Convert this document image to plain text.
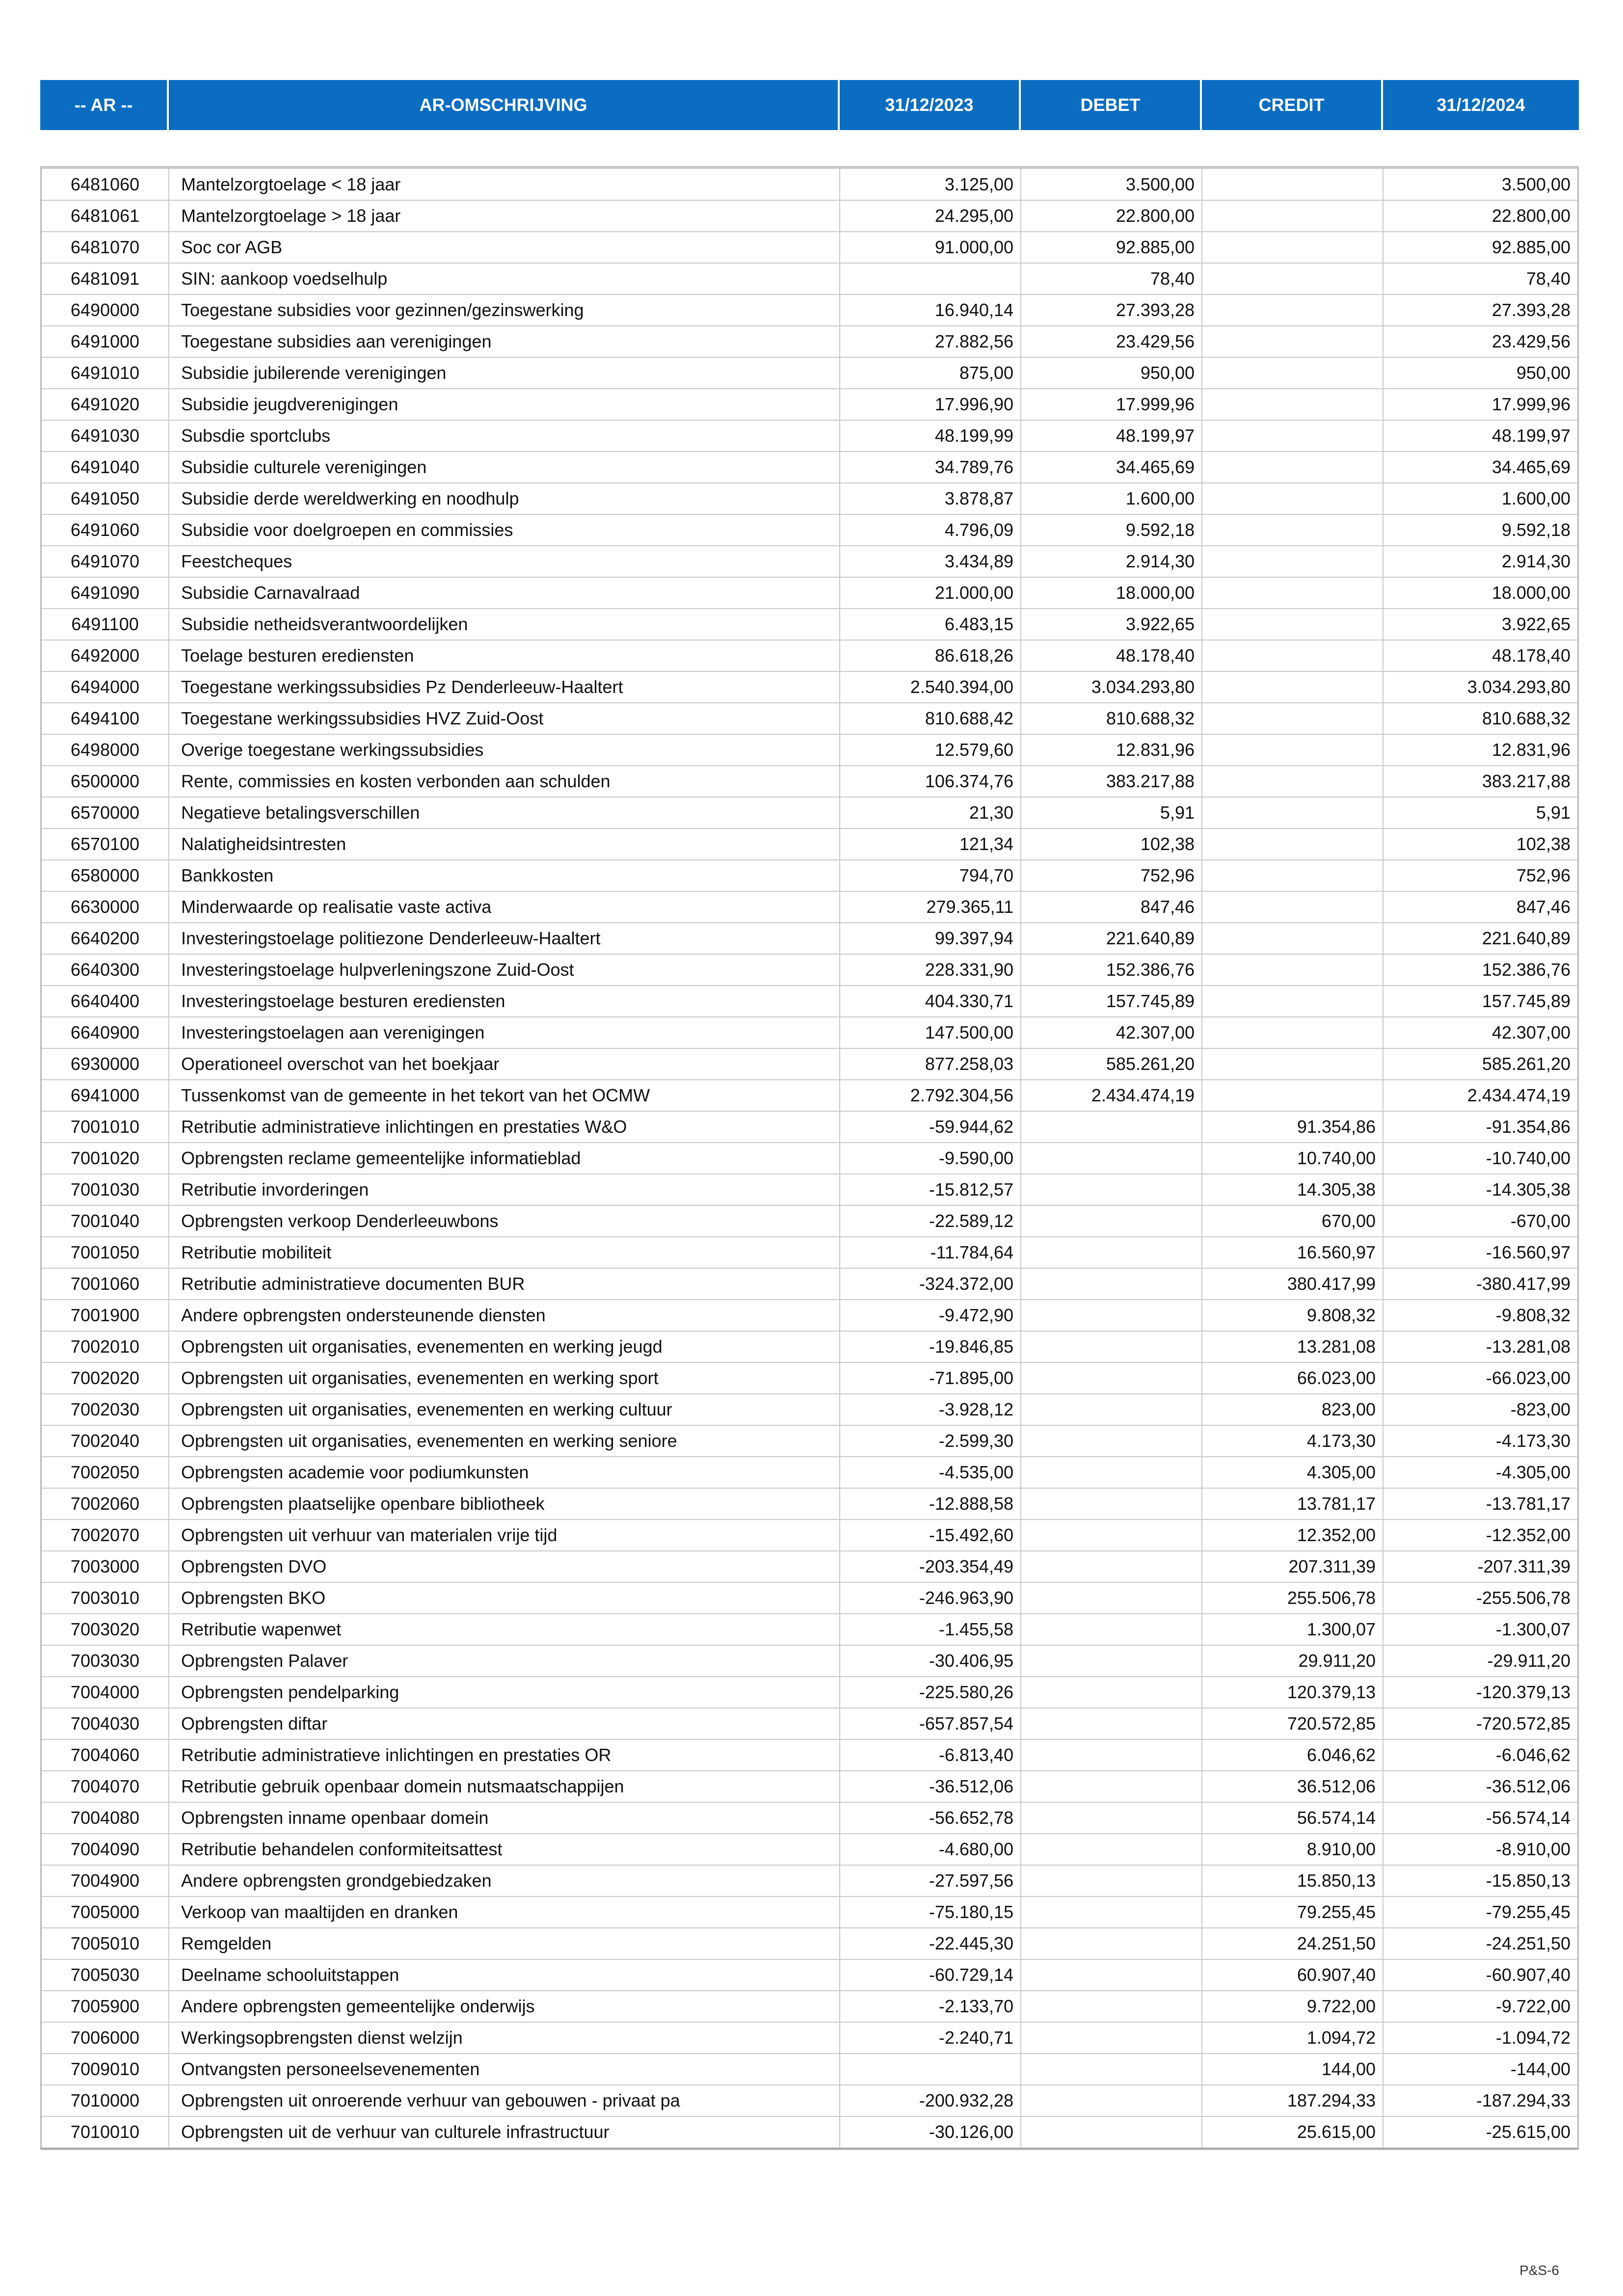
-- AR --	AR-OMSCHRIJVING	31/12/2023	DEBET	CREDIT	31/12/2024
6481060	Mantelzorgtoelage < 18 jaar	3.125,00	3.500,00		3.500,00
6481061	Mantelzorgtoelage > 18 jaar	24.295,00	22.800,00		22.800,00
6481070	Soc cor AGB	91.000,00	92.885,00		92.885,00
6481091	SIN: aankoop voedselhulp		78,40		78,40
6490000	Toegestane subsidies voor gezinnen/gezinswerking	16.940,14	27.393,28		27.393,28
6491000	Toegestane subsidies aan verenigingen	27.882,56	23.429,56		23.429,56
6491010	Subsidie jubilerende verenigingen	875,00	950,00		950,00
6491020	Subsidie jeugdverenigingen	17.996,90	17.999,96		17.999,96
6491030	Subsdie sportclubs	48.199,99	48.199,97		48.199,97
6491040	Subsidie culturele verenigingen	34.789,76	34.465,69		34.465,69
6491050	Subsidie derde wereldwerking en noodhulp	3.878,87	1.600,00		1.600,00
6491060	Subsidie voor doelgroepen en commissies	4.796,09	9.592,18		9.592,18
6491070	Feestcheques	3.434,89	2.914,30		2.914,30
6491090	Subsidie Carnavalraad	21.000,00	18.000,00		18.000,00
6491100	Subsidie netheidsverantwoordelijken	6.483,15	3.922,65		3.922,65
6492000	Toelage besturen erediensten	86.618,26	48.178,40		48.178,40
6494000	Toegestane werkingssubsidies Pz Denderleeuw-Haaltert	2.540.394,00	3.034.293,80		3.034.293,80
6494100	Toegestane werkingssubsidies HVZ Zuid-Oost	810.688,42	810.688,32		810.688,32
6498000	Overige toegestane werkingssubsidies	12.579,60	12.831,96		12.831,96
6500000	Rente, commissies en kosten verbonden aan schulden	106.374,76	383.217,88		383.217,88
6570000	Negatieve betalingsverschillen	21,30	5,91		5,91
6570100	Nalatigheidsintresten	121,34	102,38		102,38
6580000	Bankkosten	794,70	752,96		752,96
6630000	Minderwaarde op realisatie vaste activa	279.365,11	847,46		847,46
6640200	Investeringstoelage politiezone Denderleeuw-Haaltert	99.397,94	221.640,89		221.640,89
6640300	Investeringstoelage hulpverleningszone Zuid-Oost	228.331,90	152.386,76		152.386,76
6640400	Investeringstoelage besturen erediensten	404.330,71	157.745,89		157.745,89
6640900	Investeringstoelagen aan verenigingen	147.500,00	42.307,00		42.307,00
6930000	Operationeel overschot van het boekjaar	877.258,03	585.261,20		585.261,20
6941000	Tussenkomst van de gemeente in het tekort van het OCMW	2.792.304,56	2.434.474,19		2.434.474,19
7001010	Retributie administratieve inlichtingen en prestaties W&O	-59.944,62		91.354,86	-91.354,86
7001020	Opbrengsten reclame gemeentelijke informatieblad	-9.590,00		10.740,00	-10.740,00
7001030	Retributie invorderingen	-15.812,57		14.305,38	-14.305,38
7001040	Opbrengsten verkoop Denderleeuwbons	-22.589,12		670,00	-670,00
7001050	Retributie mobiliteit	-11.784,64		16.560,97	-16.560,97
7001060	Retributie administratieve documenten BUR	-324.372,00		380.417,99	-380.417,99
7001900	Andere opbrengsten ondersteunende diensten	-9.472,90		9.808,32	-9.808,32
7002010	Opbrengsten uit organisaties, evenementen en werking jeugd	-19.846,85		13.281,08	-13.281,08
7002020	Opbrengsten uit organisaties, evenementen en werking sport	-71.895,00		66.023,00	-66.023,00
7002030	Opbrengsten uit organisaties, evenementen en werking cultuur	-3.928,12		823,00	-823,00
7002040	Opbrengsten uit organisaties, evenementen en werking seniore	-2.599,30		4.173,30	-4.173,30
7002050	Opbrengsten academie voor podiumkunsten	-4.535,00		4.305,00	-4.305,00
7002060	Opbrengsten plaatselijke openbare bibliotheek	-12.888,58		13.781,17	-13.781,17
7002070	Opbrengsten uit verhuur van materialen vrije tijd	-15.492,60		12.352,00	-12.352,00
7003000	Opbrengsten DVO	-203.354,49		207.311,39	-207.311,39
7003010	Opbrengsten BKO	-246.963,90		255.506,78	-255.506,78
7003020	Retributie wapenwet	-1.455,58		1.300,07	-1.300,07
7003030	Opbrengsten Palaver	-30.406,95		29.911,20	-29.911,20
7004000	Opbrengsten pendelparking	-225.580,26		120.379,13	-120.379,13
7004030	Opbrengsten diftar	-657.857,54		720.572,85	-720.572,85
7004060	Retributie administratieve inlichtingen en prestaties OR	-6.813,40		6.046,62	-6.046,62
7004070	Retributie gebruik openbaar domein nutsmaatschappijen	-36.512,06		36.512,06	-36.512,06
7004080	Opbrengsten inname openbaar domein	-56.652,78		56.574,14	-56.574,14
7004090	Retributie behandelen conformiteitsattest	-4.680,00		8.910,00	-8.910,00
7004900	Andere opbrengsten grondgebiedzaken	-27.597,56		15.850,13	-15.850,13
7005000	Verkoop van maaltijden en dranken	-75.180,15		79.255,45	-79.255,45
7005010	Remgelden	-22.445,30		24.251,50	-24.251,50
7005030	Deelname schooluitstappen	-60.729,14		60.907,40	-60.907,40
7005900	Andere opbrengsten gemeentelijke onderwijs	-2.133,70		9.722,00	-9.722,00
7006000	Werkingsopbrengsten dienst welzijn	-2.240,71		1.094,72	-1.094,72
7009010	Ontvangsten personeelsevenementen			144,00	-144,00
7010000	Opbrengsten uit onroerende verhuur van gebouwen - privaat pa	-200.932,28		187.294,33	-187.294,33
7010010	Opbrengsten uit de verhuur van culturele infrastructuur	-30.126,00		25.615,00	-25.615,00
P&S-6
